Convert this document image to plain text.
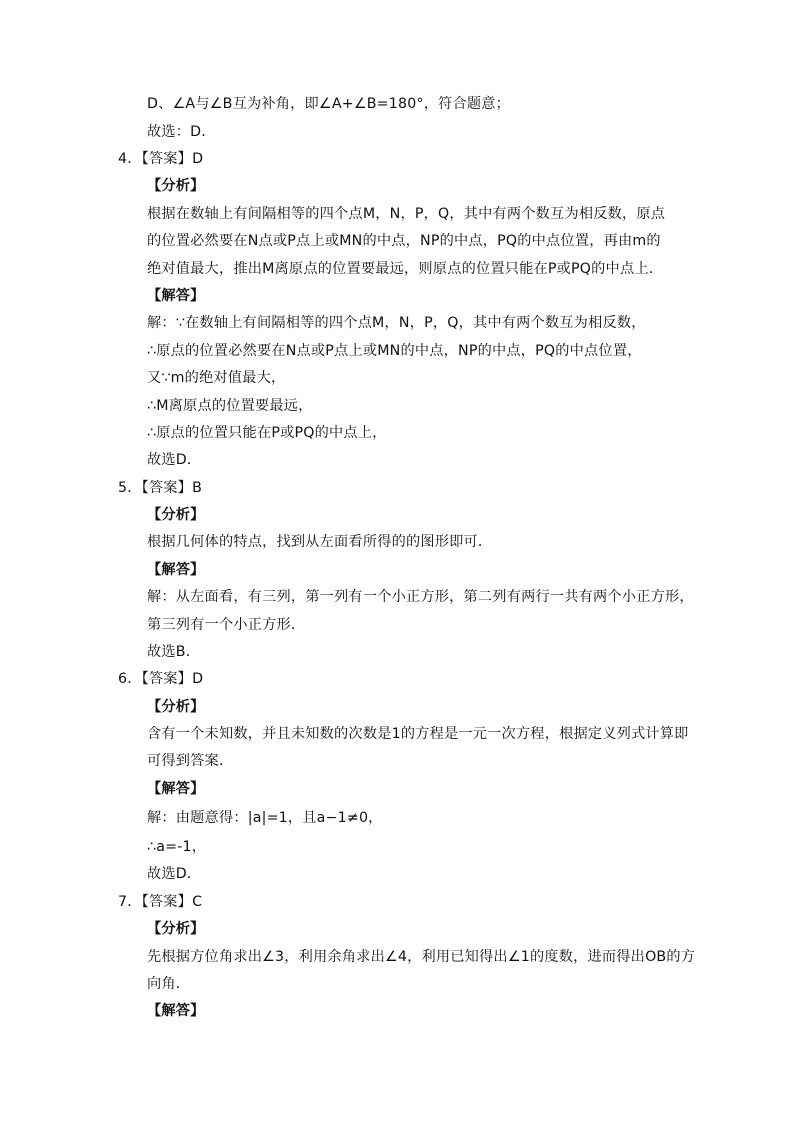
D、∠A与∠B互为补角，即∠A+∠B=180°，符合题意；
故选：D．
4．【答案】D
【分析】
根据在数轴上有间隔相等的四个点M，N，P，Q，其中有两个数互为相反数，原点
的位置必然要在N点或P点上或MN的中点，NP的中点，PQ的中点位置，再由m的
绝对值最大，推出M离原点的位置要最远，则原点的位置只能在P或PQ的中点上．
【解答】
解：∵在数轴上有间隔相等的四个点M，N，P，Q，其中有两个数互为相反数，
∴原点的位置必然要在N点或P点上或MN的中点，NP的中点，PQ的中点位置，
又∵m的绝对值最大，
∴M离原点的位置要最远，
∴原点的位置只能在P或PQ的中点上，
故选D．
5．【答案】B
【分析】
根据几何体的特点，找到从左面看所得的的图形即可．
【解答】
解：从左面看，有三列，第一列有一个小正方形，第二列有两行一共有两个小正方形，
第三列有一个小正方形．
故选B．
6．【答案】D
【分析】
含有一个未知数，并且未知数的次数是1的方程是一元一次方程，根据定义列式计算即
可得到答案．
【解答】
解：由题意得：|a|=1，且a−1≠0，
∴a=-1，
故选D．
7．【答案】C
【分析】
先根据方位角求出∠3，利用余角求出∠4，利用已知得出∠1的度数，进而得出OB的方
向角．
【解答】
